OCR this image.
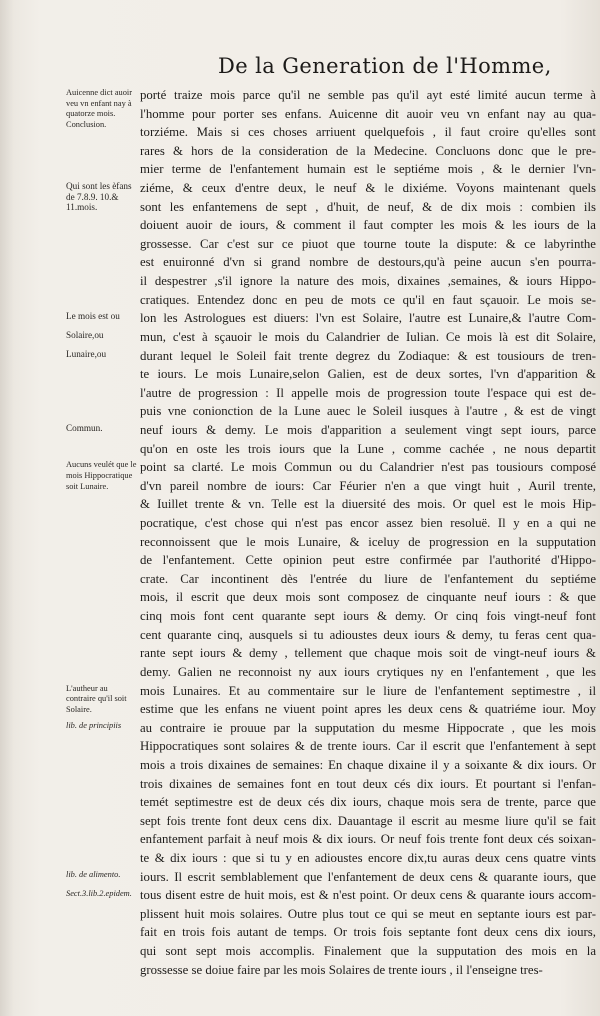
De la Generation de l'Homme,
Auicenne dict auoir veu vn enfant nay à quatorze mois. Conclusion.
Qui sont les èfans de 7.8.9. 10.& 11.mois.
Le mois est ou
Solaire,ou
Lunaire,ou
Commun.
Aucuns veulét que le mois Hippocratique soit Lunaire.
L'autheur au contraire qu'il soit Solaire.
lib. de principiis
lib. de alimento.
Sect.3.lib.2.epidem.
porté traize mois parce qu'il ne semble pas qu'il ayt esté limité aucun terme à
l'homme pour porter ses enfans. Auicenne dit auoir veu vn enfant nay au qua-
torziéme. Mais si ces choses arriuent quelquefois , il faut croire qu'elles sont
rares & hors de la consideration de la Medecine. Concluons donc que le pre-
mier terme de l'enfantement humain est le septiéme mois , & le dernier l'vn-
ziéme, & ceux d'entre deux, le neuf & le dixiéme. Voyons maintenant quels
sont les enfantemens de sept , d'huit, de neuf, & de dix mois : combien ils
doiuent auoir de iours, & comment il faut compter les mois & les iours de la
grossesse. Car c'est sur ce piuot que tourne toute la dispute: & ce labyrinthe
est enuironné d'vn si grand nombre de destours,qu'à peine aucun s'en pourra-
il despestrer ,s'il ignore la nature des mois, dixaines ,semaines, & iours Hippo-
cratiques. Entendez donc en peu de mots ce qu'il en faut sçauoir. Le mois se-
lon les Astrologues est diuers: l'vn est Solaire, l'autre est Lunaire,& l'autre Com-
mun, c'est à sçauoir le mois du Calandrier de Iulian. Ce mois là est dit Solaire,
durant lequel le Soleil fait trente degrez du Zodiaque: & est tousiours de tren-
te iours. Le mois Lunaire,selon Galien, est de deux sortes, l'vn d'apparition &
l'autre de progression : Il appelle mois de progression toute l'espace qui est de-
puis vne conionction de la Lune auec le Soleil iusques à l'autre , & est de vingt
neuf iours & demy. Le mois d'apparition a seulement vingt sept iours, parce
qu'on en oste les trois iours que la Lune , comme cachée , ne nous departit
point sa clarté. Le mois Commun ou du Calandrier n'est pas tousiours composé
d'vn pareil nombre de iours: Car Féurier n'en a que vingt huit , Auril trente,
& Iuillet trente & vn. Telle est la diuersité des mois. Or quel est le mois Hip-
pocratique, c'est chose qui n'est pas encor assez bien resoluë. Il y en a qui ne
reconnoissent que le mois Lunaire, & iceluy de progression en la supputation
de l'enfantement. Cette opinion peut estre confirmée par l'authorité d'Hippo-
crate. Car incontinent dès l'entrée du liure de l'enfantement du septiéme
mois, il escrit que deux mois sont composez de cinquante neuf iours : & que
cinq mois font cent quarante sept iours & demy. Or cinq fois vingt-neuf font
cent quarante cinq, ausquels si tu adioustes deux iours & demy, tu feras cent qua-
rante sept iours & demy , tellement que chaque mois soit de vingt-neuf iours &
demy. Galien ne reconnoist ny aux iours crytiques ny en l'enfantement , que les
mois Lunaires. Et au commentaire sur le liure de l'enfantement septimestre , il
estime que les enfans ne viuent point apres les deux cens & quatriéme iour. Moy
au contraire ie prouue par la supputation du mesme Hippocrate , que les mois
Hippocratiques sont solaires & de trente iours. Car il escrit que l'enfantement à sept
mois a trois dixaines de semaines: En chaque dixaine il y a soixante & dix iours. Or
trois dixaines de semaines font en tout deux cés dix iours. Et pourtant si l'enfan-
temét septimestre est de deux cés dix iours, chaque mois sera de trente, parce que
sept fois trente font deux cens dix. Dauantage il escrit au mesme liure qu'il se fait
enfantement parfait à neuf mois & dix iours. Or neuf fois trente font deux cés soixan-
te & dix iours : que si tu y en adioustes encore dix,tu auras deux cens quatre vints
iours. Il escrit semblablement que l'enfantement de deux cens & quarante iours, que
tous disent estre de huit mois, est & n'est point. Or deux cens & quarante iours accom-
plissent huit mois solaires. Outre plus tout ce qui se meut en septante iours est par-
fait en trois fois autant de temps. Or trois fois septante font deux cens dix iours,
qui sont sept mois accomplis. Finalement que la supputation des mois en la
grossesse se doiue faire par les mois Solaires de trente iours , il l'enseigne tres-
